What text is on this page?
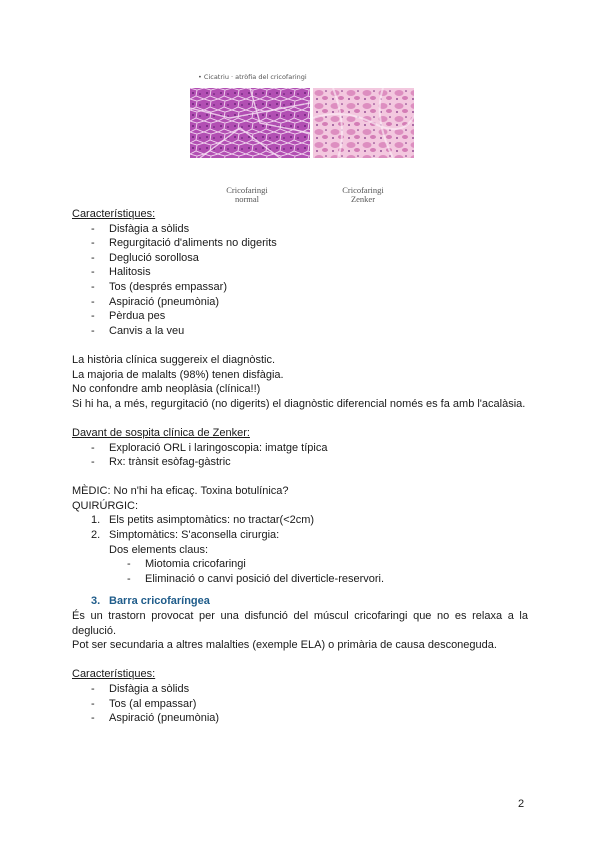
• Cicatriu · atròfia del cricofaringi
Cricofaringi
normal
Cricofaringi
Zenker

Característiques:

- Disfàgia a sòlids
- Regurgitació d'aliments no digerits
- Deglució sorollosa
- Halitosis
- Tos (després empassar)
- Aspiració (pneumònia)
- Pèrdua pes
- Canvis a la veu

La història clínica suggereix el diagnòstic.

La majoria de malalts (98%) tenen disfàgia.

No confondre amb neoplàsia (clínica!!)

Si hi ha, a més, regurgitació (no digerits) el diagnòstic diferencial només es fa amb l'acalàsia.

Davant de sospita clínica de Zenker:

- Exploració ORL i laringoscopia: imatge típica
- Rx: trànsit esòfag-gàstric

MÈDIC: No n'hi ha eficaç. Toxina botulínica?

QUIRÚRGIC:

1. Els petits asimptomàtics: no tractar(<2cm)
2. Simptomàtics: S'aconsella cirurgia:

Dos elements claus:

- Miotomia cricofaringi
- Eliminació o canvi posició del diverticle-reservori.

3. Barra cricofaríngea

És un trastorn provocat per una disfunció del múscul cricofaringi que no es relaxa a la deglució.

Pot ser secundaria a altres malalties (exemple ELA) o primària de causa desconeguda.

Característiques:

- Disfàgia a sòlids
- Tos (al empassar)
- Aspiració (pneumònia)
2
